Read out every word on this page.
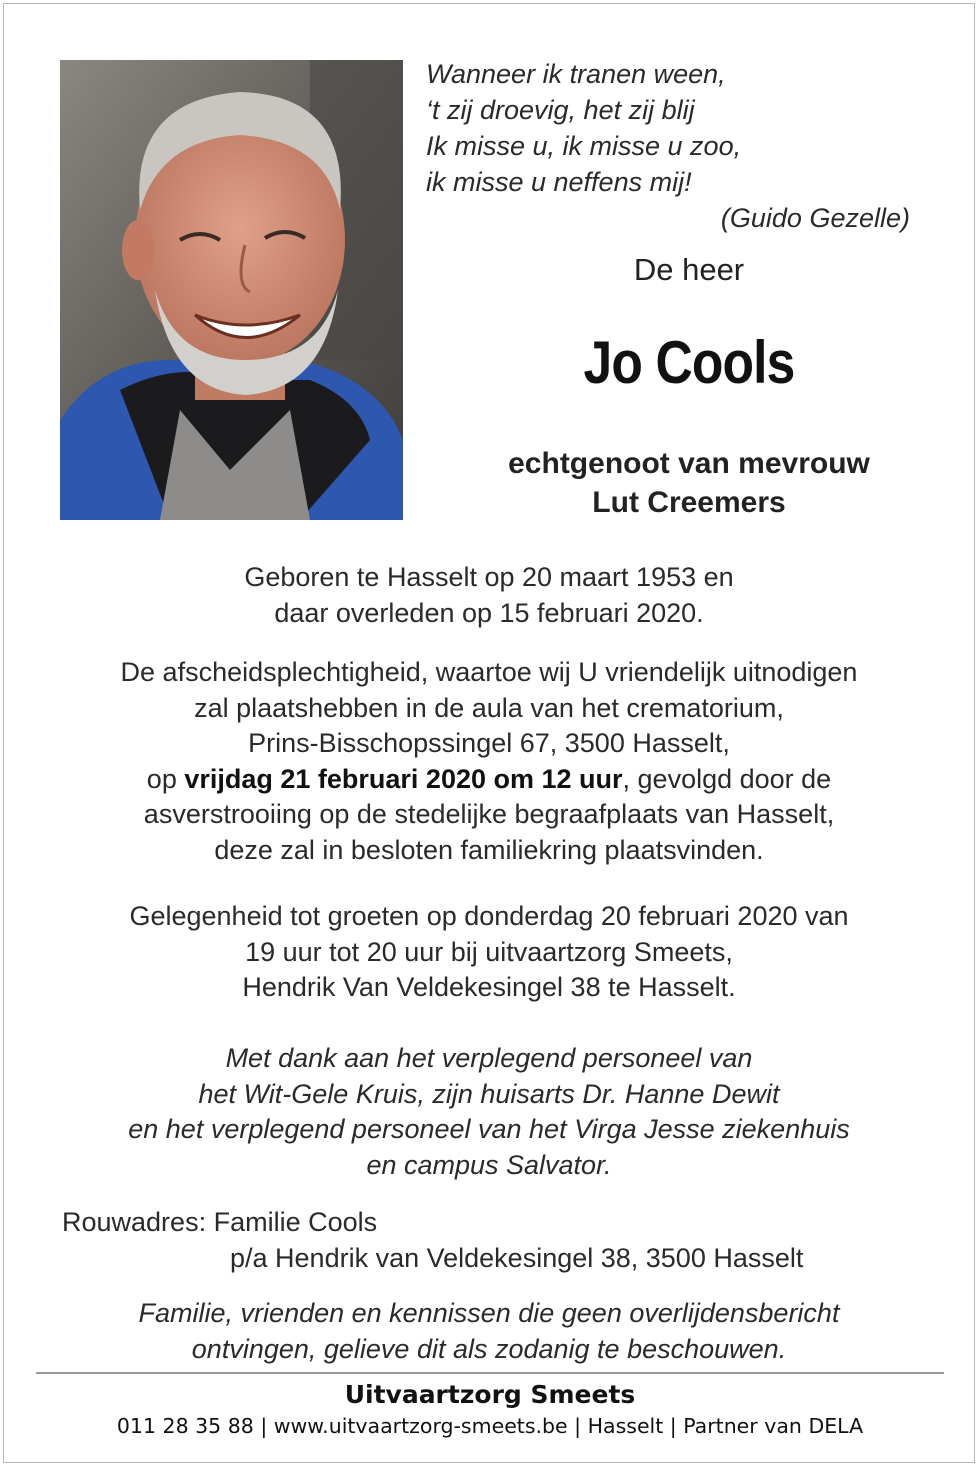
Wanneer ik tranen ween,
‘t zij droevig, het zij blij
Ik misse u, ik misse u zoo,
ik misse u neffens mij!
(Guido Gezelle)
De heer
Jo Cools
echtgenoot van mevrouw
Lut Creemers
Geboren te Hasselt op 20 maart 1953 en
daar overleden op 15 februari 2020.
De afscheidsplechtigheid, waartoe wij U vriendelijk uitnodigen
zal plaatshebben in de aula van het crematorium,
Prins-Bisschopssingel 67, 3500 Hasselt,
op vrijdag 21 februari 2020 om 12 uur, gevolgd door de
asverstrooiing op de stedelijke begraafplaats van Hasselt,
deze zal in besloten familiekring plaatsvinden.
Gelegenheid tot groeten op donderdag 20 februari 2020 van
19 uur tot 20 uur bij uitvaartzorg Smeets,
Hendrik Van Veldekesingel 38 te Hasselt.
Met dank aan het verplegend personeel van
het Wit-Gele Kruis, zijn huisarts Dr. Hanne Dewit
en het verplegend personeel van het Virga Jesse ziekenhuis
en campus Salvator.
Rouwadres: Familie Cools
p/a Hendrik van Veldekesingel 38, 3500 Hasselt
Familie, vrienden en kennissen die geen overlijdensbericht
ontvingen, gelieve dit als zodanig te beschouwen.
Uitvaartzorg Smeets
011 28 35 88 | www.uitvaartzorg-smeets.be | Hasselt | Partner van DELA
